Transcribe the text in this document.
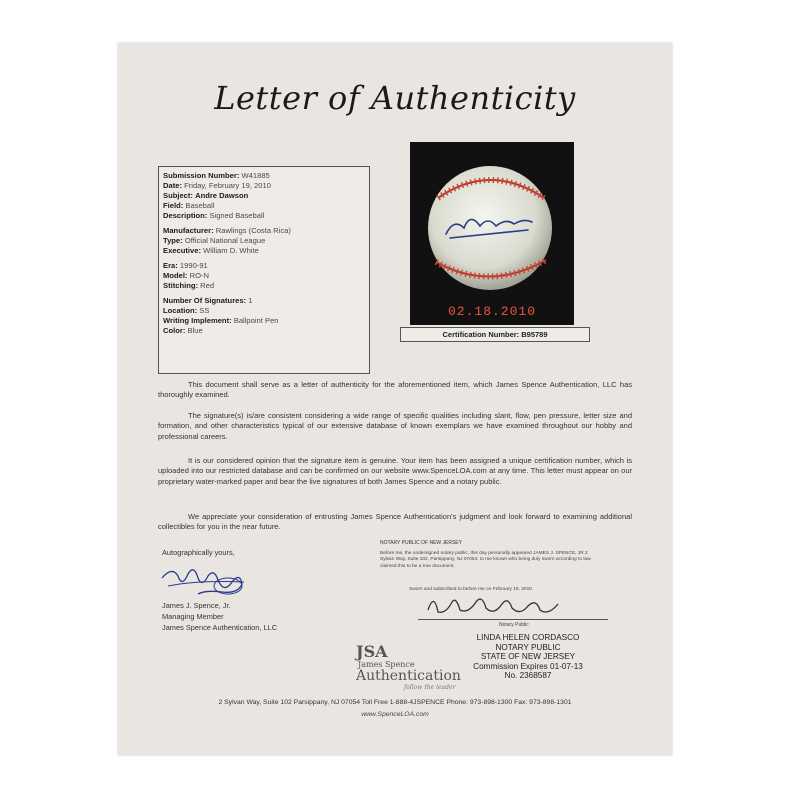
Letter of Authenticity
Submission Number: W41885
Date: Friday, February 19, 2010
Subject: Andre Dawson
Field: Baseball
Description: Signed Baseball
Manufacturer: Rawlings (Costa Rica)
Type: Official National League
Executive: William D. White
Era: 1990-91
Model: RO-N
Stitching: Red
Number Of Signatures: 1
Location: SS
Writing Implement: Ballpoint Pen
Color: Blue
02.18.2010
Certification Number: B95789
This document shall serve as a letter of authenticity for the aforementioned item, which James Spence Authentication, LLC has thoroughly examined.
The signature(s) is/are consistent considering a wide range of specific qualities including slant, flow, pen pressure, letter size and formation, and other characteristics typical of our extensive database of known exemplars we have examined throughout our hobby and professional careers.
It is our considered opinion that the signature item is genuine. Your item has been assigned a unique certification number, which is uploaded into our restricted database and can be confirmed on our website www.SpenceLOA.com at any time. This letter must appear on our proprietary water-marked paper and bear the live signatures of both James Spence and a notary public.
We appreciate your consideration of entrusting James Spence Authentication's judgment and look forward to examining additional collectibles for you in the near future.
Autographically yours,
James J. Spence, Jr.
Managing Member
James Spence Authentication, LLC
NOTARY PUBLIC OF NEW JERSEY
Before me, the undersigned notary public, this day personally appeared JAMES J. SPENCE, JR 2 Sylvan Way, Suite 102, Parsippany, NJ 07054, to me known who being duly sworn according to law, claimed this to be a true document.
Sworn and subscribed to before me on February 19, 2010
Notary Public
JSA
James Spence
Authentication
follow the leader
LINDA HELEN CORDASCO
NOTARY PUBLIC
STATE OF NEW JERSEY
Commission Expires 01-07-13
No. 2368587
2 Sylvan Way, Suite 102 Parsippany, NJ 07054 Toll Free 1-888-4JSPENCE Phone: 973-898-1300 Fax: 973-898-1301
www.SpenceLOA.com
